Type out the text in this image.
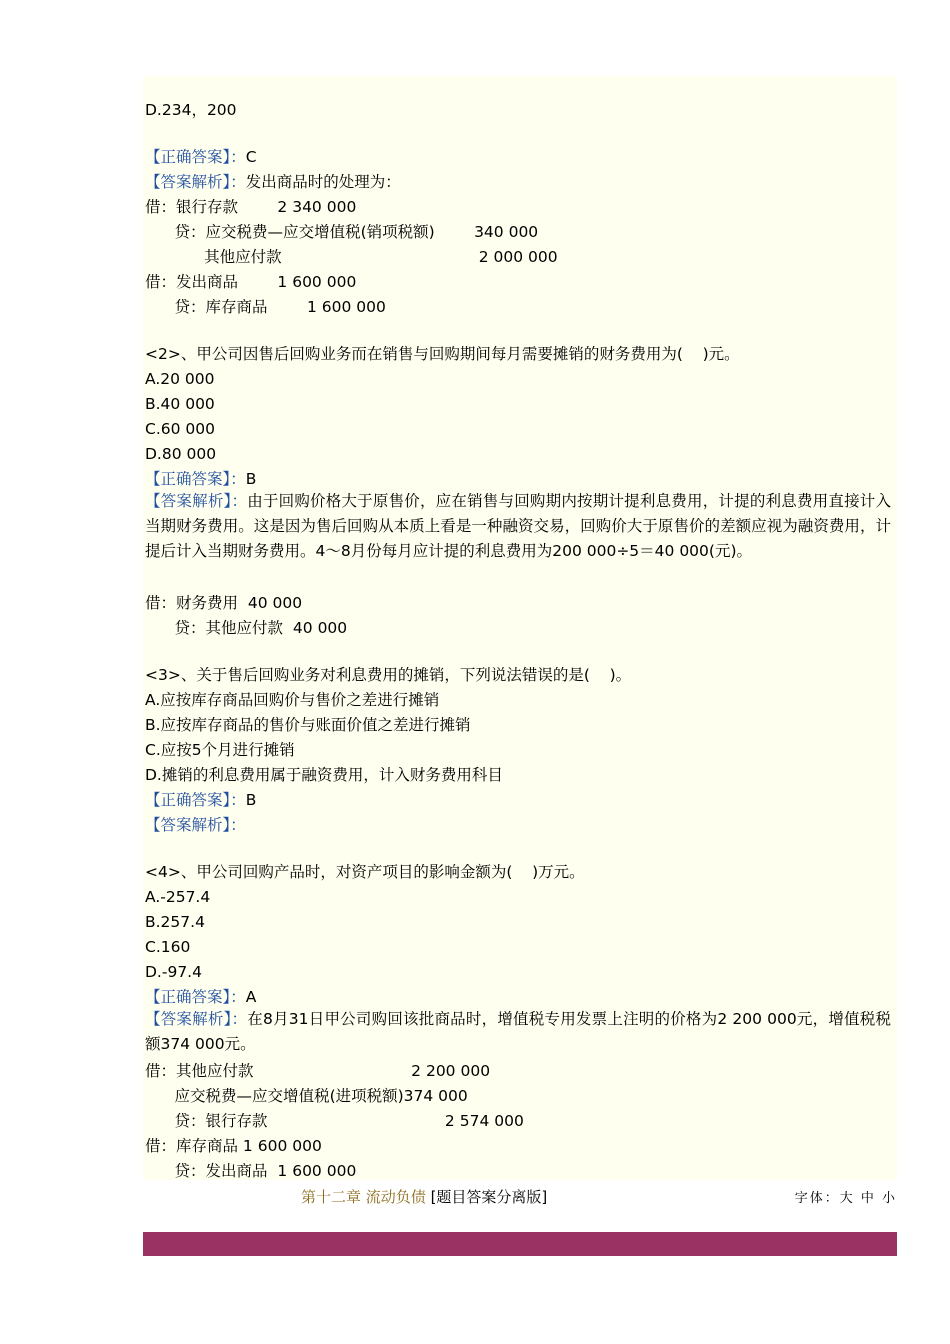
D.234，200
【正确答案】：C
【答案解析】：发出商品时的处理为：
借：银行存款        2 340 000
贷：应交税费—应交增值税(销项税额)        340 000
其他应付款                                        2 000 000
借：发出商品        1 600 000
贷：库存商品        1 600 000
<2>、甲公司因售后回购业务而在销售与回购期间每月需要摊销的财务费用为(    )元。
A.20 000
B.40 000
C.60 000
D.80 000
【正确答案】：B
【答案解析】：由于回购价格大于原售价，应在销售与回购期内按期计提利息费用，计提的利息费用直接计入当期财务费用。这是因为售后回购从本质上看是一种融资交易，回购价大于原售价的差额应视为融资费用，计提后计入当期财务费用。4～8月份每月应计提的利息费用为200 000÷5＝40 000(元)。
借：财务费用  40 000
贷：其他应付款  40 000
<3>、关于售后回购业务对利息费用的摊销，下列说法错误的是(    )。
A.应按库存商品回购价与售价之差进行摊销
B.应按库存商品的售价与账面价值之差进行摊销
C.应按5个月进行摊销
D.摊销的利息费用属于融资费用，计入财务费用科目
【正确答案】：B
【答案解析】：
<4>、甲公司回购产品时，对资产项目的影响金额为(    )万元。
A.-257.4
B.257.4
C.160
D.-97.4
【正确答案】：A
【答案解析】：在8月31日甲公司购回该批商品时，增值税专用发票上注明的价格为2 200 000元，增值税税额374 000元。
借：其他应付款                                2 200 000
应交税费—应交增值税(进项税额)374 000
贷：银行存款                                    2 574 000
借：库存商品 1 600 000
贷：发出商品  1 600 000
第十二章 流动负债 [题目答案分离版]	字体：大 中 小
